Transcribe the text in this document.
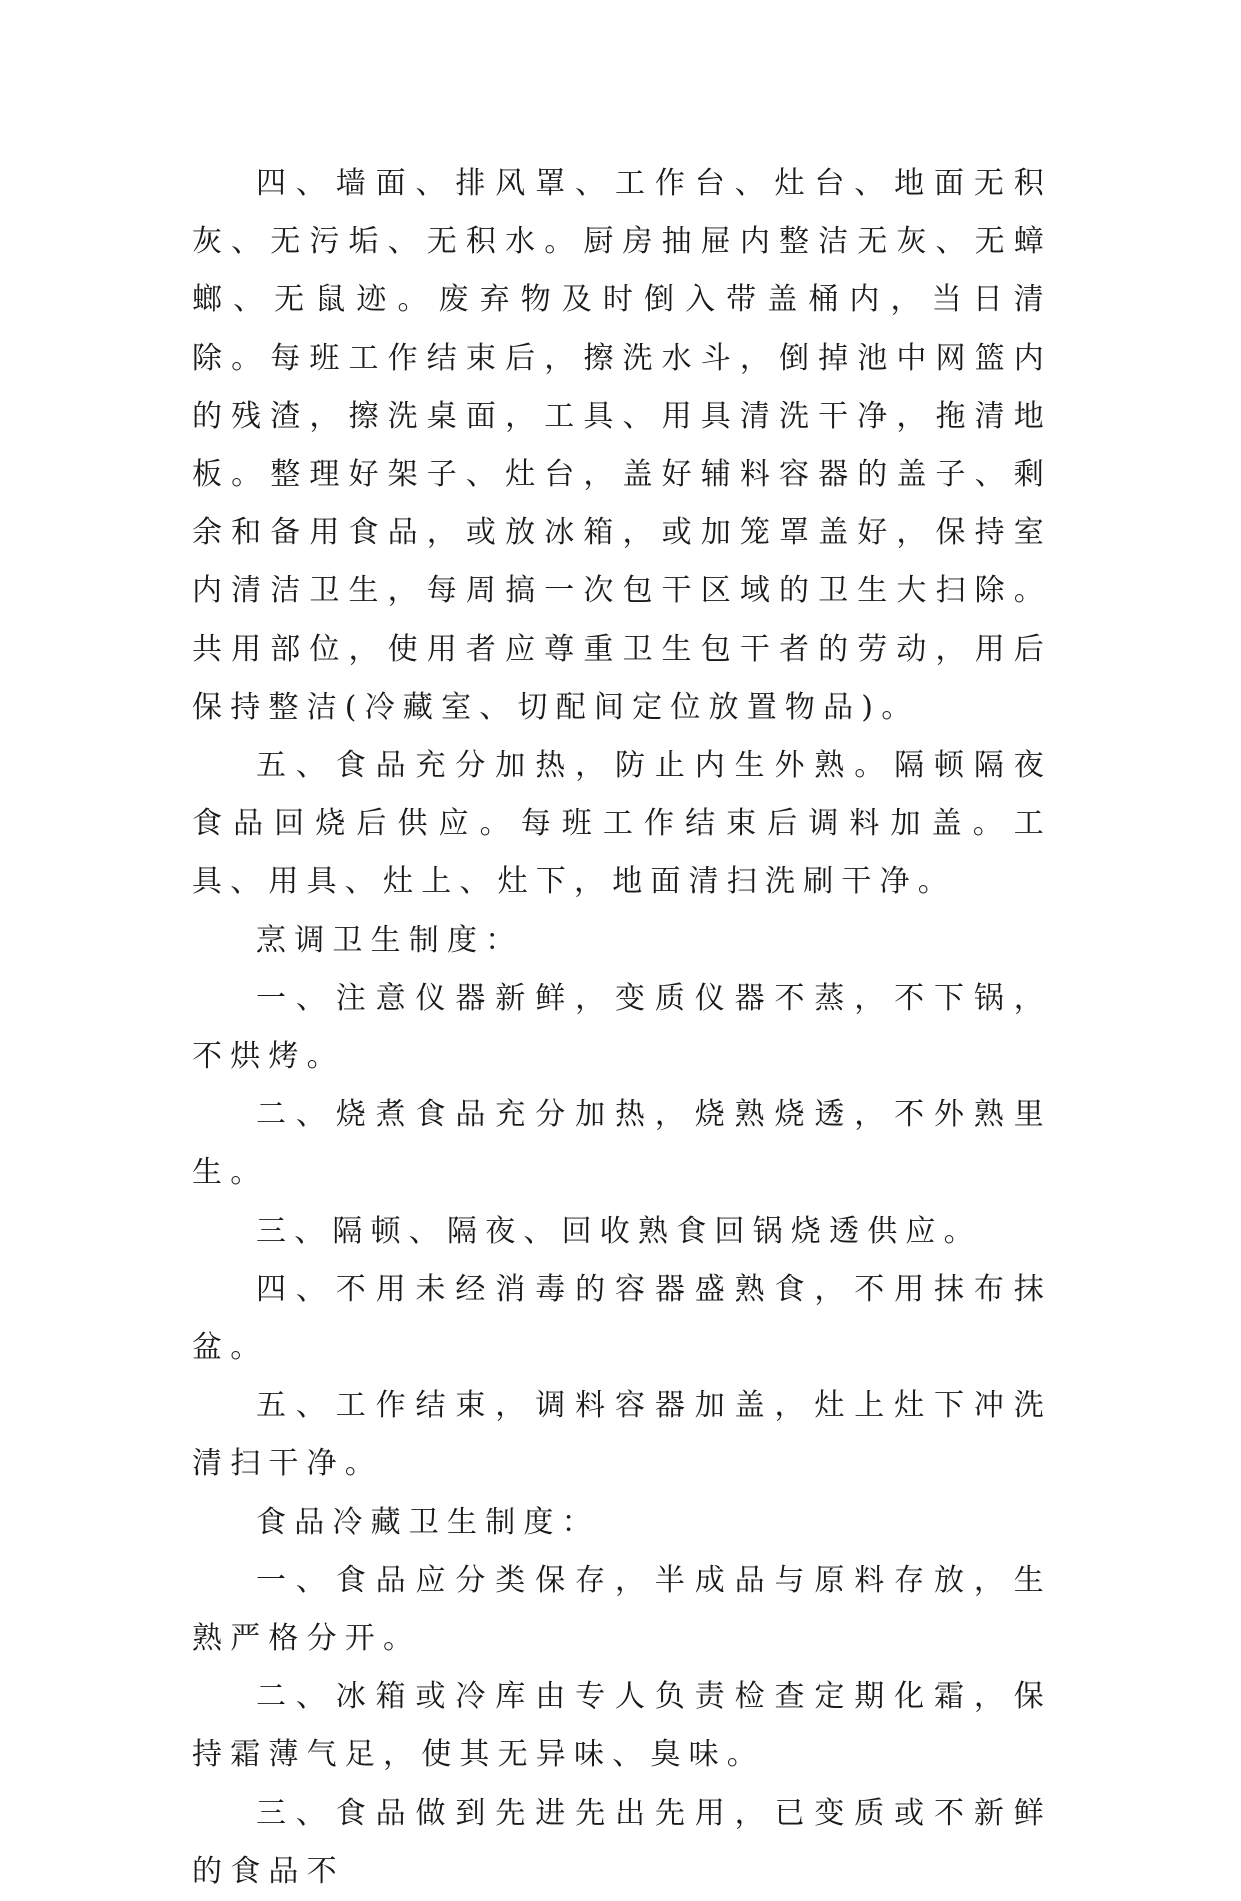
四、墙面、排风罩、工作台、灶台、地面无积灰、无污垢、无积水。厨房抽屉内整洁无灰、无蟑螂、无鼠迹。废弃物及时倒入带盖桶内，当日清除。每班工作结束后，擦洗水斗，倒掉池中网篮内的残渣，擦洗桌面，工具、用具清洗干净，拖清地板。整理好架子、灶台，盖好辅料容器的盖子、剩余和备用食品，或放冰箱，或加笼罩盖好，保持室内清洁卫生，每周搞一次包干区域的卫生大扫除。共用部位，使用者应尊重卫生包干者的劳动，用后保持整洁(冷藏室、切配间定位放置物品)。

五、食品充分加热，防止内生外熟。隔顿隔夜食品回烧后供应。每班工作结束后调料加盖。工具、用具、灶上、灶下，地面清扫洗刷干净。

烹调卫生制度：

一、注意仪器新鲜，变质仪器不蒸，不下锅，不烘烤。

二、烧煮食品充分加热，烧熟烧透，不外熟里生。

三、隔顿、隔夜、回收熟食回锅烧透供应。

四、不用未经消毒的容器盛熟食，不用抹布抹盆。

五、工作结束，调料容器加盖，灶上灶下冲洗清扫干净。

食品冷藏卫生制度：

一、食品应分类保存，半成品与原料存放，生熟严格分开。

二、冰箱或冷库由专人负责检查定期化霜，保持霜薄气足，使其无异味、臭味。

三、食品做到先进先出先用，已变质或不新鲜的食品不
